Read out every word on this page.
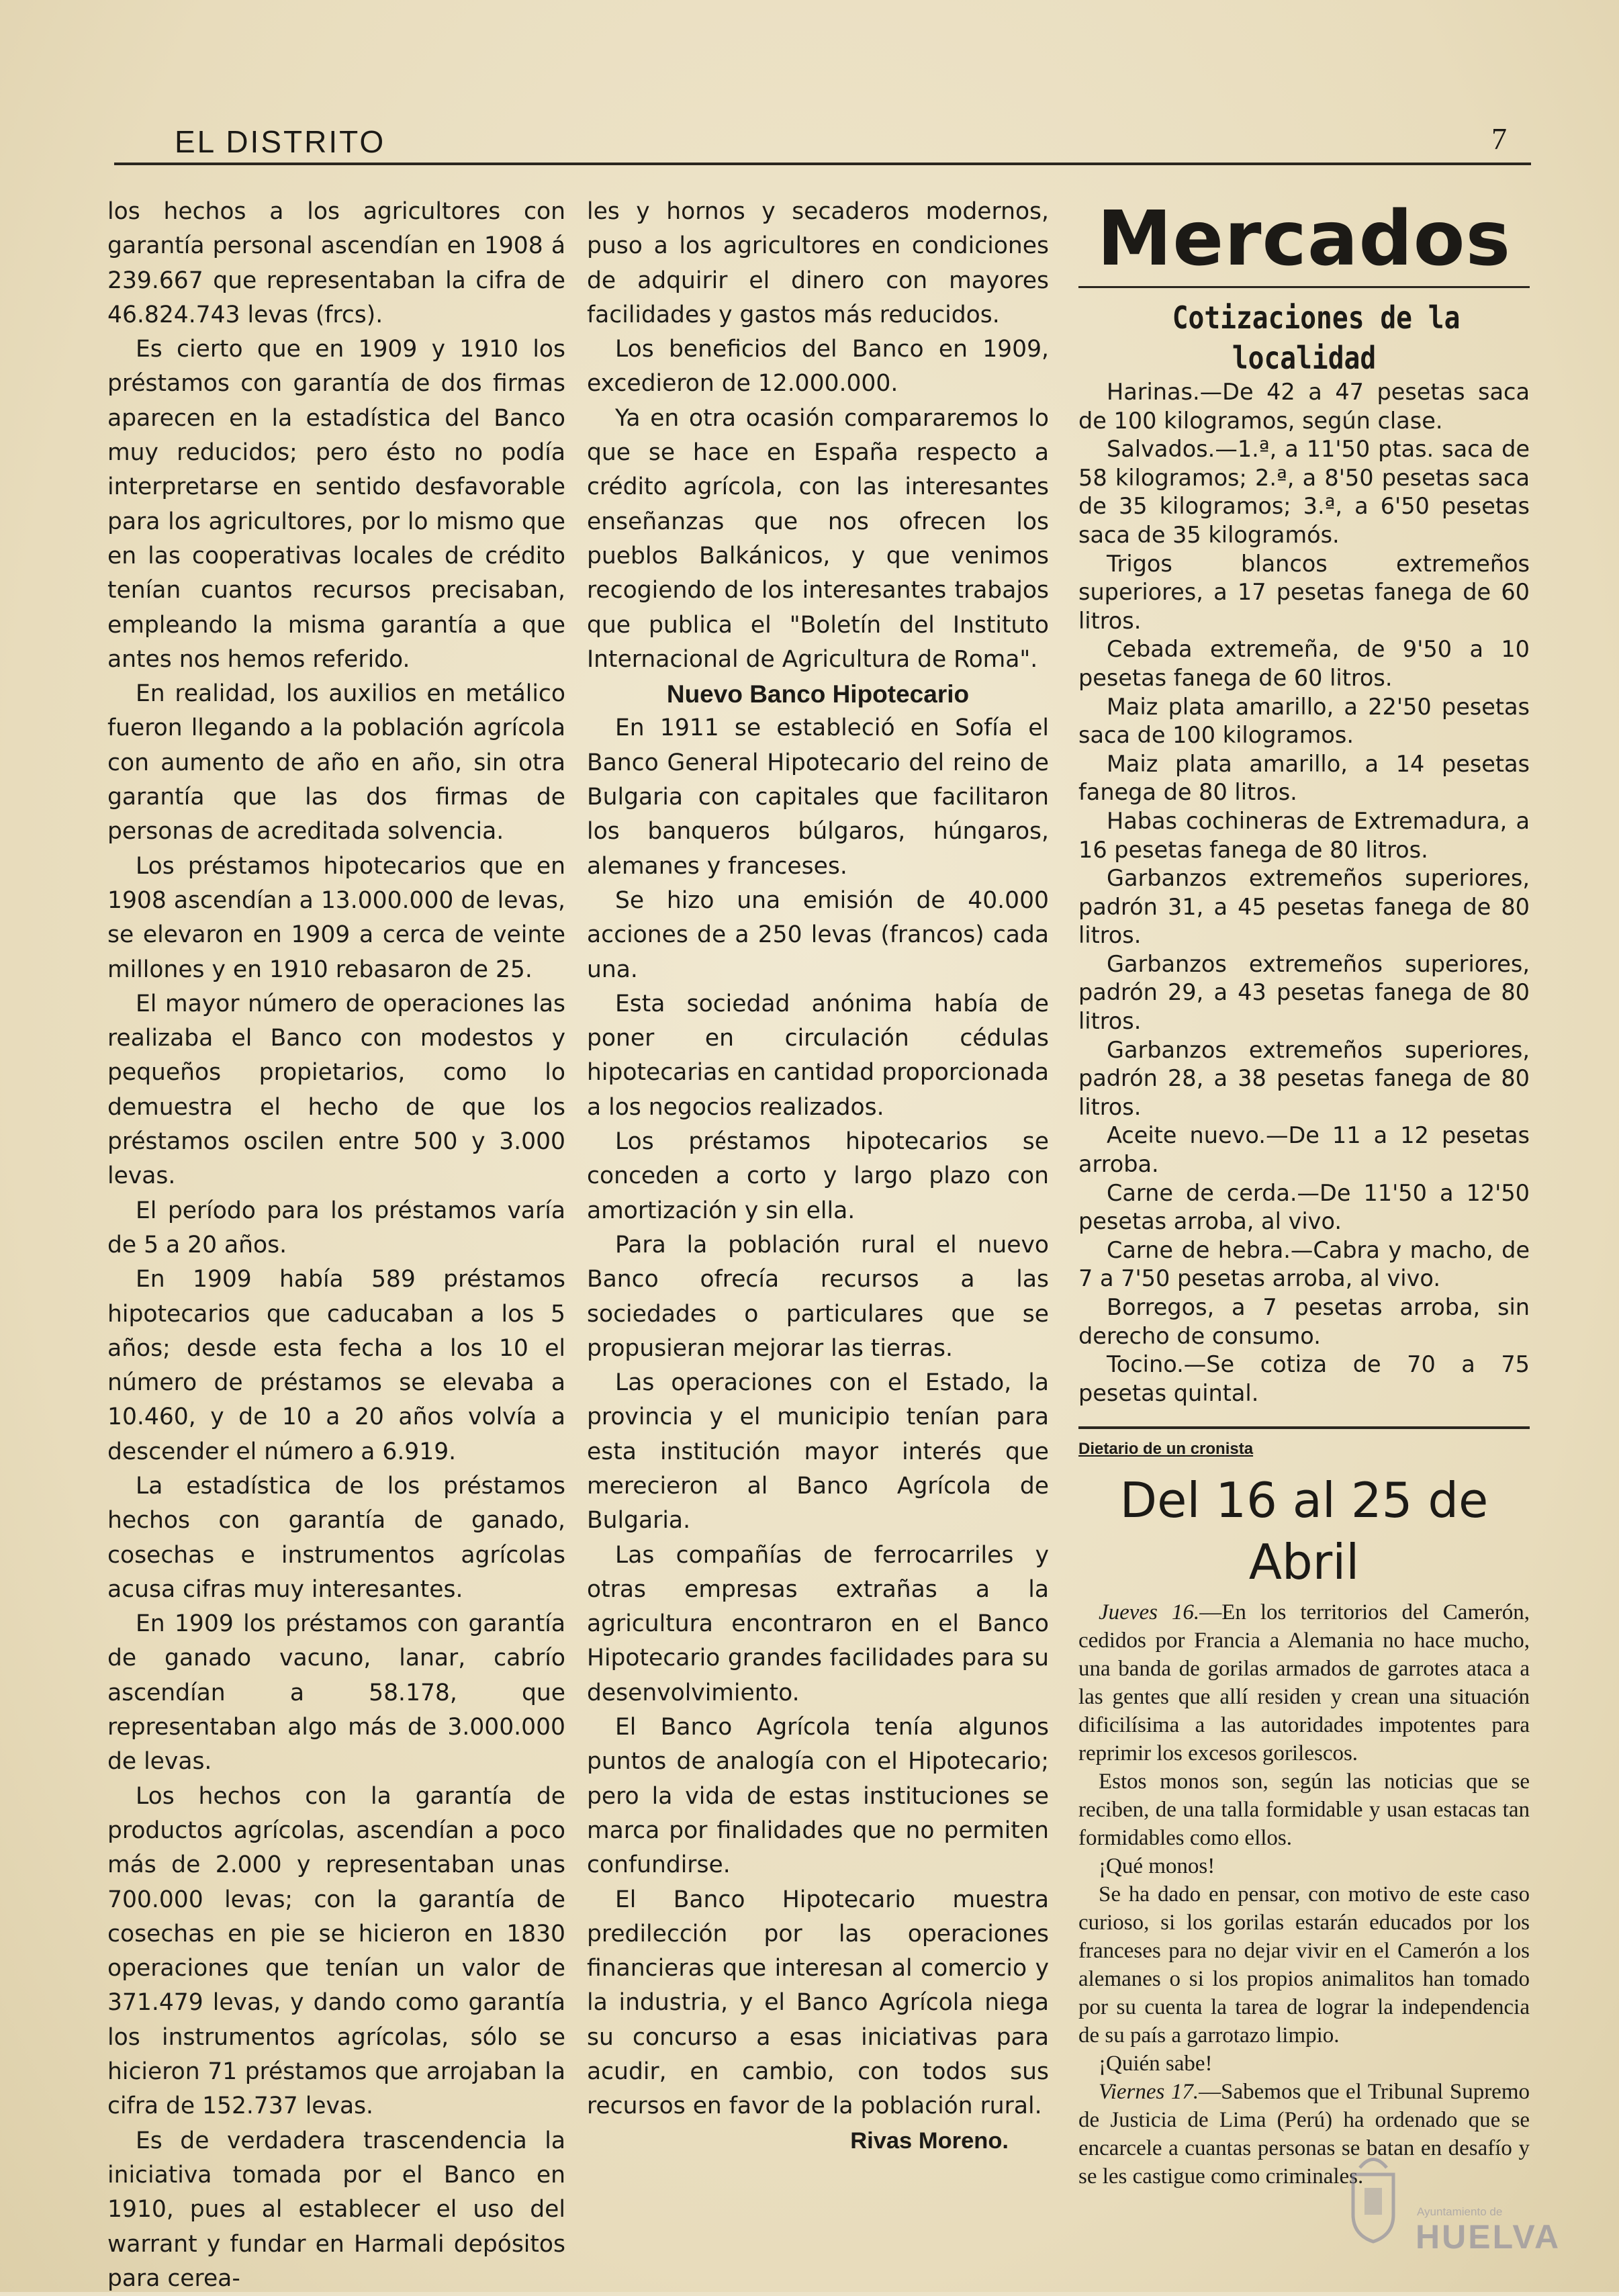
EL DISTRITO	7

los hechos a los agricultores con garantía personal ascendían en 1908 á 239.667 que representaban la cifra de 46.824.743 levas (frcs).

Es cierto que en 1909 y 1910 los préstamos con garantía de dos firmas aparecen en la estadística del Banco muy reducidos; pero ésto no podía interpretarse en sentido desfavorable para los agricultores, por lo mismo que en las cooperativas locales de crédito tenían cuantos recursos precisaban, empleando la misma garantía a que antes nos hemos referido.

En realidad, los auxilios en metálico fueron llegando a la población agrícola con aumento de año en año, sin otra garantía que las dos firmas de personas de acreditada solvencia.

Los préstamos hipotecarios que en 1908 ascendían a 13.000.000 de levas, se elevaron en 1909 a cerca de veinte millones y en 1910 rebasaron de 25.

El mayor número de operaciones las realizaba el Banco con modestos y pequeños propietarios, como lo demuestra el hecho de que los préstamos oscilen entre 500 y 3.000 levas.

El período para los préstamos varía de 5 a 20 años.

En 1909 había 589 préstamos hipotecarios que caducaban a los 5 años; desde esta fecha a los 10 el número de préstamos se elevaba a 10.460, y de 10 a 20 años volvía a descender el número a 6.919.

La estadística de los préstamos hechos con garantía de ganado, cosechas e instrumentos agrícolas acusa cifras muy interesantes.

En 1909 los préstamos con garantía de ganado vacuno, lanar, cabrío ascendían a 58.178, que representaban algo más de 3.000.000 de levas.

Los hechos con la garantía de productos agrícolas, ascendían a poco más de 2.000 y representaban unas 700.000 levas; con la garantía de cosechas en pie se hicieron en 1830 operaciones que tenían un valor de 371.479 levas, y dando como garantía los instrumentos agrícolas, sólo se hicieron 71 préstamos que arrojaban la cifra de 152.737 levas.

Es de verdadera trascendencia la iniciativa tomada por el Banco en 1910, pues al establecer el uso del warrant y fundar en Harmali depósitos para cerea-

les y hornos y secaderos modernos, puso a los agricultores en condiciones de adquirir el dinero con mayores facilidades y gastos más reducidos.

Los beneficios del Banco en 1909, excedieron de 12.000.000.

Ya en otra ocasión compararemos lo que se hace en España respecto a crédito agrícola, con las interesantes enseñanzas que nos ofrecen los pueblos Balkánicos, y que venimos recogiendo de los interesantes trabajos que publica el "Boletín del Instituto Internacional de Agricultura de Roma".

Nuevo Banco Hipotecario

En 1911 se estableció en Sofía el Banco General Hipotecario del reino de Bulgaria con capitales que facilitaron los banqueros búlgaros, húngaros, alemanes y franceses.

Se hizo una emisión de 40.000 acciones de a 250 levas (francos) cada una.

Esta sociedad anónima había de poner en circulación cédulas hipotecarias en cantidad proporcionada a los negocios realizados.

Los préstamos hipotecarios se conceden a corto y largo plazo con amortización y sin ella.

Para la población rural el nuevo Banco ofrecía recursos a las sociedades o particulares que se propusieran mejorar las tierras.

Las operaciones con el Estado, la provincia y el municipio tenían para esta institución mayor interés que merecieron al Banco Agrícola de Bulgaria.

Las compañías de ferrocarriles y otras empresas extrañas a la agricultura encontraron en el Banco Hipotecario grandes facilidades para su desenvolvimiento.

El Banco Agrícola tenía algunos puntos de analogía con el Hipotecario; pero la vida de estas instituciones se marca por finalidades que no permiten confundirse.

El Banco Hipotecario muestra predilección por las operaciones financieras que interesan al comercio y la industria, y el Banco Agrícola niega su concurso a esas iniciativas para acudir, en cambio, con todos sus recursos en favor de la población rural.

Rivas Moreno.

Mercados

Cotizaciones de la localidad

Harinas.—De 42 a 47 pesetas saca de 100 kilogramos, según clase.

Salvados.—1.ª, a 11'50 ptas. saca de 58 kilogramos; 2.ª, a 8'50 pesetas saca de 35 kilogramos; 3.ª, a 6'50 pesetas saca de 35 kilogramós.

Trigos blancos extremeños superiores, a 17 pesetas fanega de 60 litros.

Cebada extremeña, de 9'50 a 10 pesetas fanega de 60 litros.

Maiz plata amarillo, a 22'50 pesetas saca de 100 kilogramos.

Maiz plata amarillo, a 14 pesetas fanega de 80 litros.

Habas cochineras de Extremadura, a 16 pesetas fanega de 80 litros.

Garbanzos extremeños superiores, padrón 31, a 45 pesetas fanega de 80 litros.

Garbanzos extremeños superiores, padrón 29, a 43 pesetas fanega de 80 litros.

Garbanzos extremeños superiores, padrón 28, a 38 pesetas fanega de 80 litros.

Aceite nuevo.—De 11 a 12 pesetas arroba.

Carne de cerda.—De 11'50 a 12'50 pesetas arroba, al vivo.

Carne de hebra.—Cabra y macho, de 7 a 7'50 pesetas arroba, al vivo.

Borregos, a 7 pesetas arroba, sin derecho de consumo.

Tocino.—Se cotiza de 70 a 75 pesetas quintal.

Dietario de un cronista
Del 16 al 25 de Abril

Jueves 16.—En los territorios del Camerón, cedidos por Francia a Alemania no hace mucho, una banda de gorilas armados de garrotes ataca a las gentes que allí residen y crean una situación dificilísima a las autoridades impotentes para reprimir los excesos gorilescos.

Estos monos son, según las noticias que se reciben, de una talla formidable y usan estacas tan formidables como ellos.

¡Qué monos!

Se ha dado en pensar, con motivo de este caso curioso, si los gorilas estarán educados por los franceses para no dejar vivir en el Camerón a los alemanes o si los propios animalitos han tomado por su cuenta la tarea de lograr la independencia de su país a garrotazo limpio.

¡Quién sabe!

Viernes 17.—Sabemos que el Tribunal Supremo de Justicia de Lima (Perú) ha ordenado que se encarcele a cuantas personas se batan en desafío y se les castigue como criminales.

Ayuntamiento de
HUELVA
